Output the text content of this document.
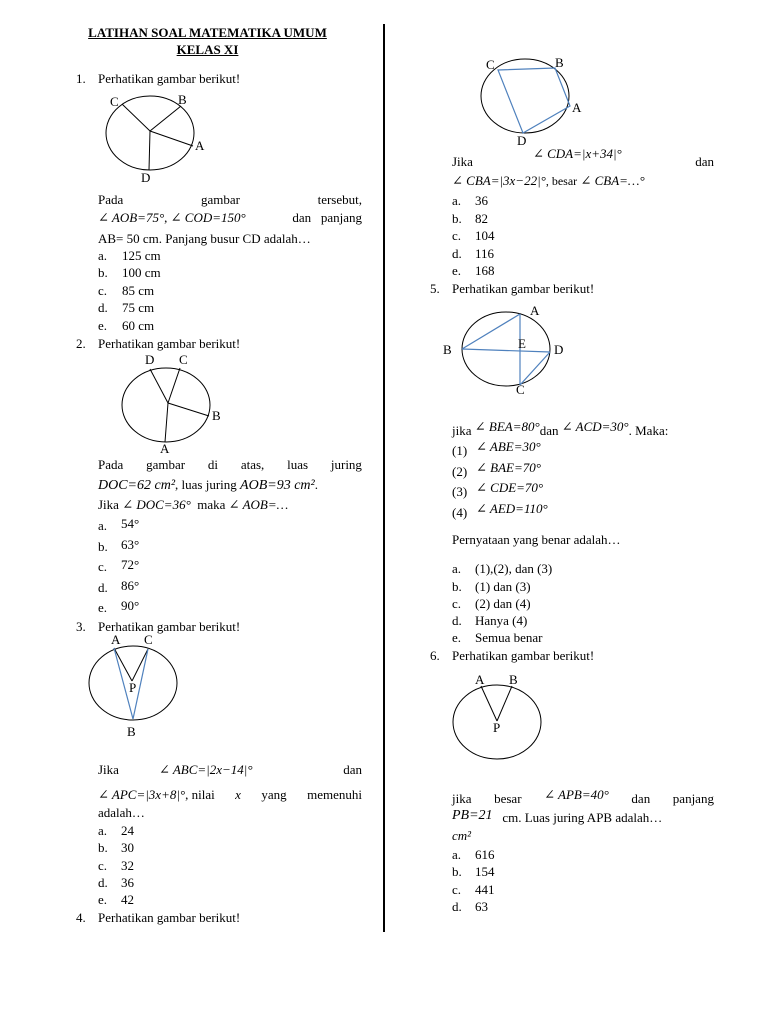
LATIHAN SOAL MATEMATIKA UMUM
KELAS XI
1. Perhatikan gambar berikut!
C	B
A
D
Pada	gambar	tersebut,
∠ AOB=75°, ∠ COD=150°	dan panjang
AB= 50 cm. Panjang busur CD adalah…
a. 125 cm
b. 100 cm
c. 85 cm
d. 75 cm
e. 60 cm
2. Perhatikan gambar berikut!
D C
B
A
Pada gambar di atas, luas juring
DOC=62 cm², luas juring AOB=93 cm².
Jika ∠ DOC=36° maka ∠ AOB=…
a. 54°
b. 63°
c. 72°
d. 86°
e. 90°
3. Perhatikan gambar berikut!
A C
P
B
Jika	∠ ABC=|2x−14|°	dan
∠ APC=|3x+8|°, nilai x yang memenuhi
adalah…
a. 24
b. 30
c. 32
d. 36
e. 42
4. Perhatikan gambar berikut!
C	B
A
D
Jika
∠ CDA=|x+34|°
dan
∠ CBA=|3x−22|°, besar ∠ CBA=…°
a. 36
b. 82
c. 104
d. 116
e. 168
5. Perhatikan gambar berikut!
A
B	E D
C
jika ∠ BEA=80°dan ∠ ACD=30°. Maka:
(1) ∠ ABE=30°
(2) ∠ BAE=70°
(3) ∠ CDE=70°
(4) ∠ AED=110°
Pernyataan yang benar adalah…
a. (1),(2), dan (3)
b. (1) dan (3)
c. (2) dan (4)
d. Hanya (4)
e. Semua benar
6. Perhatikan gambar berikut!
A B
P
jika besar ∠ APB=40° dan panjang
PB=21 cm. Luas juring APB adalah…
cm²
a. 616
b. 154
c. 441
d. 63
